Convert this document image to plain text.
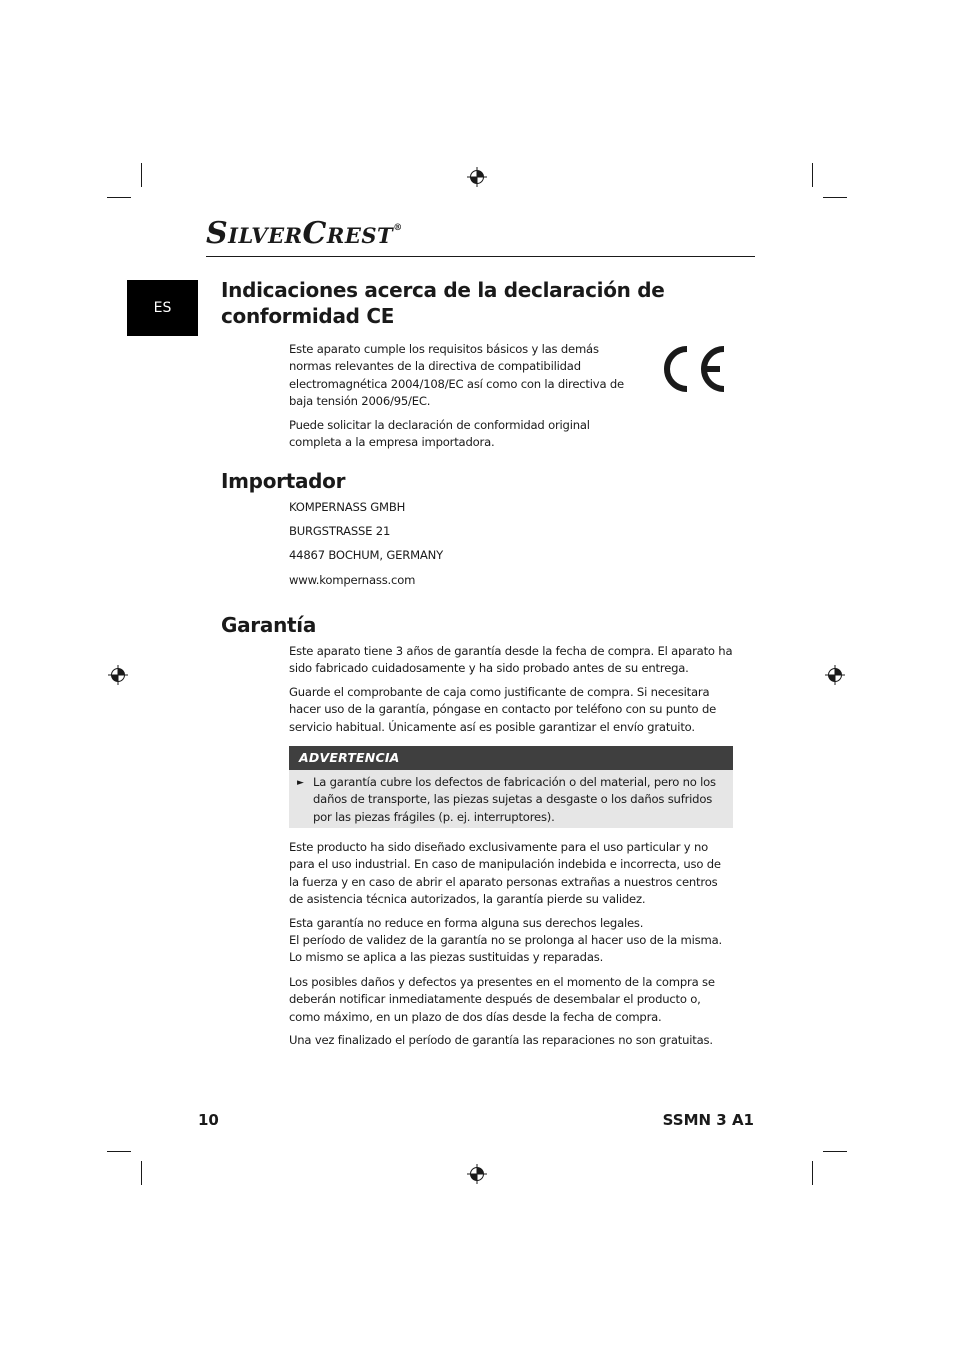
SILVERCREST®
ES
Indicaciones acerca de la declaración de conformidad CE

Este aparato cumple los requisitos básicos y las demás normas relevantes de la directiva de compatibilidad electromagnética 2004/108/EC así como con la directiva de baja tensión 2006/95/EC.

Puede solicitar la declaración de conformidad original completa a la empresa importadora.

Importador

KOMPERNASS GMBH

BURGSTRASSE 21

44867 BOCHUM, GERMANY

www.kompernass.com

Garantía

Este aparato tiene 3 años de garantía desde la fecha de compra. El aparato ha sido fabricado cuidadosamente y ha sido probado antes de su entrega.

Guarde el comprobante de caja como justificante de compra. Si necesitara hacer uso de la garantía, póngase en contacto por teléfono con su punto de servicio habitual. Únicamente así es posible garantizar el envío gratuito.

ADVERTENCIA
► La garantía cubre los defectos de fabricación o del material, pero no los daños de transporte, las piezas sujetas a desgaste o los daños sufridos por las piezas frágiles (p. ej. interruptores).

Este producto ha sido diseñado exclusivamente para el uso particular y no para el uso industrial. En caso de manipulación indebida e incorrecta, uso de la fuerza y en caso de abrir el aparato personas extrañas a nuestros centros de asistencia técnica autorizados, la garantía pierde su validez.

Esta garantía no reduce en forma alguna sus derechos legales.

El período de validez de la garantía no se prolonga al hacer uso de la misma. Lo mismo se aplica a las piezas sustituidas y reparadas.

Los posibles daños y defectos ya presentes en el momento de la compra se deberán notificar inmediatamente después de desembalar el producto o, como máximo, en un plazo de dos días desde la fecha de compra.

Una vez finalizado el período de garantía las reparaciones no son gratuitas.

10	SSMN 3 A1
